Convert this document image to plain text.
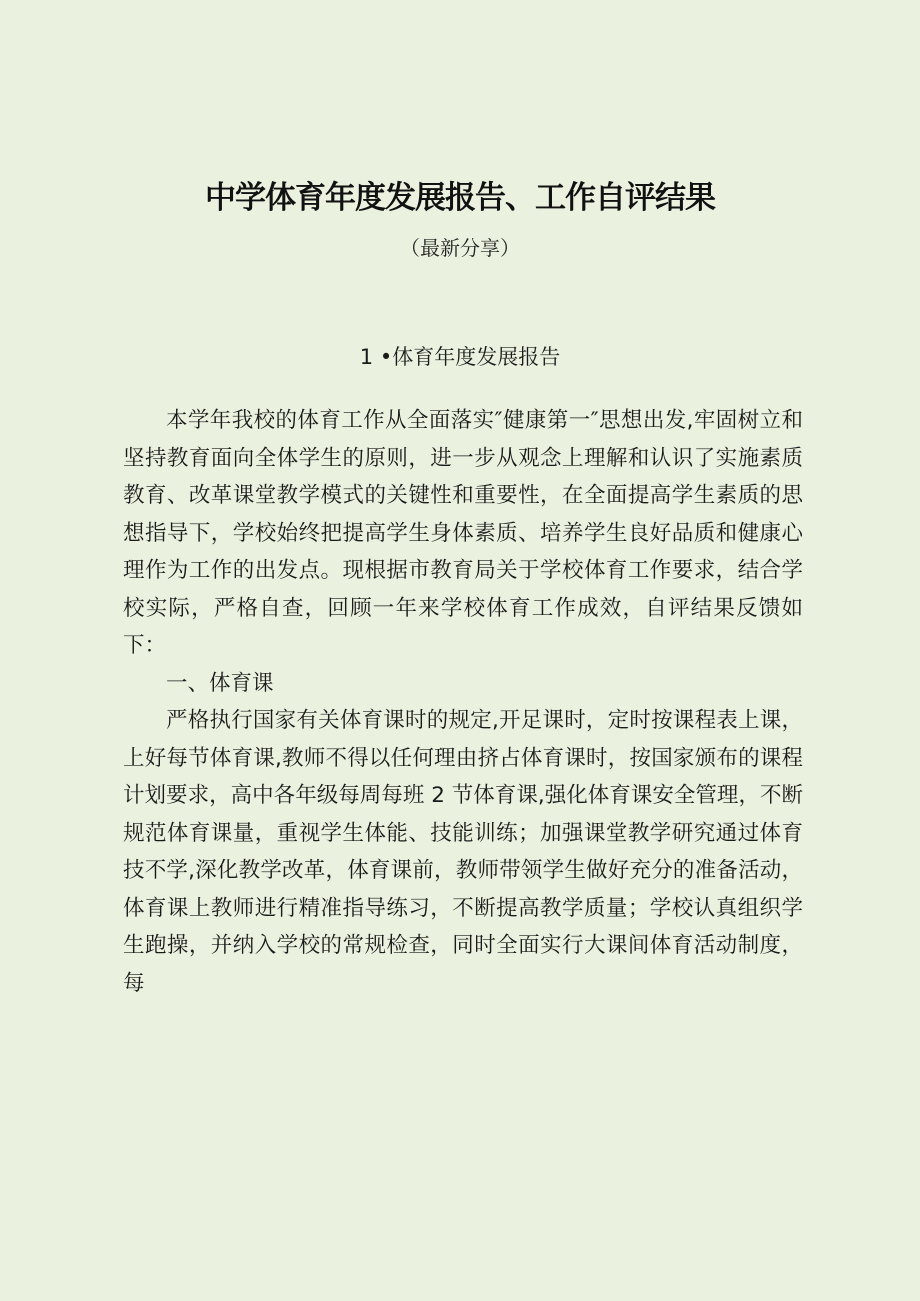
中学体育年度发展报告、工作自评结果
（最新分享）
1 •体育年度发展报告

本学年我校的体育工作从全面落实″健康第一″思想出发,牢固树立和坚持教育面向全体学生的原则，进一步从观念上理解和认识了实施素质教育、改革课堂教学模式的关键性和重要性，在全面提高学生素质的思想指导下，学校始终把提高学生身体素质、培养学生良好品质和健康心理作为工作的出发点。现根据市教育局关于学校体育工作要求，结合学校实际，严格自查，回顾一年来学校体育工作成效，自评结果反馈如下：

一、体育课

严格执行国家有关体育课时的规定,开足课时，定时按课程表上课，上好每节体育课,教师不得以任何理由挤占体育课时，按国家颁布的课程计划要求，高中各年级每周每班 2 节体育课,强化体育课安全管理，不断规范体育课量，重视学生体能、技能训练；加强课堂教学研究通过体育技不学,深化教学改革，体育课前，教师带领学生做好充分的准备活动，体育课上教师进行精准指导练习，不断提高教学质量；学校认真组织学生跑操，并纳入学校的常规检查，同时全面实行大课间体育活动制度，每
